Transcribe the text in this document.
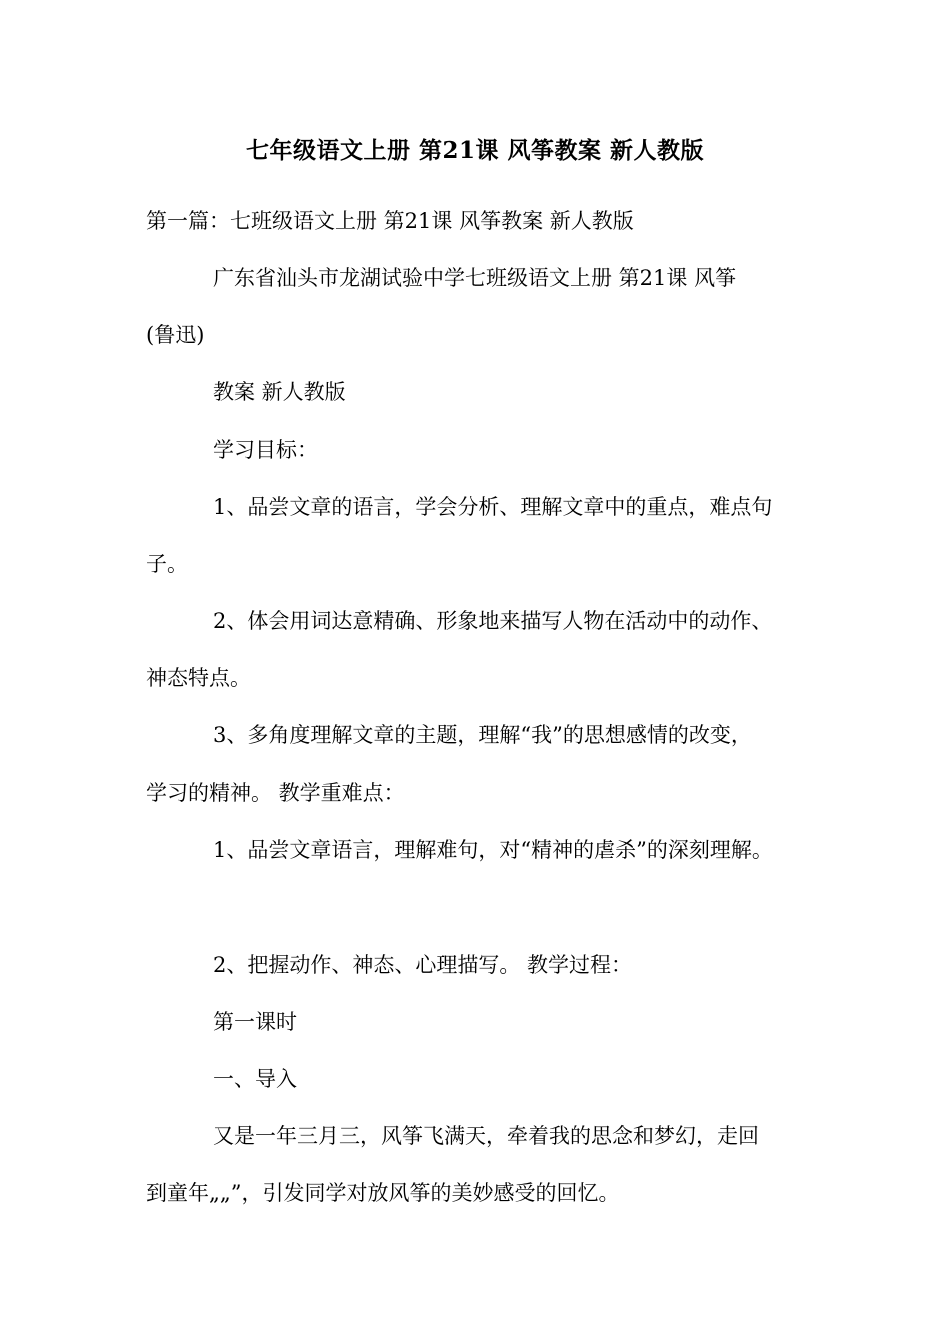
七年级语文上册 第21课 风筝教案 新人教版
第一篇：七班级语文上册 第21课 风筝教案 新人教版
广东省汕头市龙湖试验中学七班级语文上册 第21课 风筝
(鲁迅)
教案 新人教版
学习目标：
1、品尝文章的语言，学会分析、理解文章中的重点，难点句
子。
2、体会用词达意精确、形象地来描写人物在活动中的动作、
神态特点。
3、多角度理解文章的主题，理解“我”的思想感情的改变，
学习的精神。 教学重难点：
1、品尝文章语言，理解难句，对“精神的虐杀”的深刻理解。
2、把握动作、神态、心理描写。 教学过程：
第一课时
一、导入
又是一年三月三，风筝飞满天，牵着我的思念和梦幻，走回
到童年„„”，引发同学对放风筝的美妙感受的回忆。
